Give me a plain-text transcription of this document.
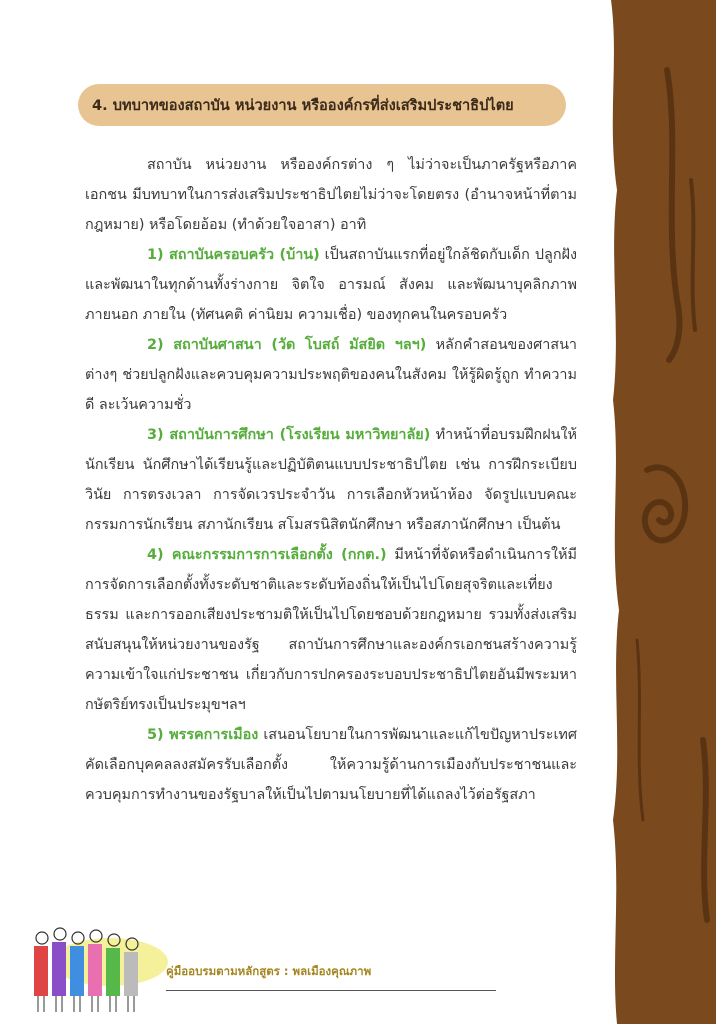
4. บทบาทของสถาบัน หน่วยงาน หรือองค์กรที่ส่งเสริมประชาธิปไตย

สถาบัน หน่วยงาน หรือองค์กรต่าง ๆ ไม่ว่าจะเป็นภาครัฐหรือภาคเอกชน มีบทบาทในการส่งเสริมประชาธิปไตยไม่ว่าจะโดยตรง (อำนาจหน้าที่ตามกฎหมาย) หรือโดยอ้อม (ทำด้วยใจอาสา) อาทิ

1) สถาบันครอบครัว (บ้าน) เป็นสถาบันแรกที่อยู่ใกล้ชิดกับเด็ก ปลูกฝังและพัฒนาในทุกด้านทั้งร่างกาย จิตใจ อารมณ์ สังคม และพัฒนาบุคลิกภาพภายนอก ภายใน (ทัศนคติ ค่านิยม ความเชื่อ) ของทุกคนในครอบครัว

2) สถาบันศาสนา (วัด โบสถ์ มัสยิด ฯลฯ) หลักคำสอนของศาสนาต่างๆ ช่วยปลูกฝังและควบคุมความประพฤติของคนในสังคม ให้รู้ผิดรู้ถูก ทำความดี ละเว้นความชั่ว

3) สถาบันการศึกษา (โรงเรียน มหาวิทยาลัย) ทำหน้าที่อบรมฝึกฝนให้นักเรียน นักศึกษาได้เรียนรู้และปฏิบัติตนแบบประชาธิปไตย เช่น การฝึกระเบียบวินัย การตรงเวลา การจัดเวรประจำวัน การเลือกหัวหน้าห้อง จัดรูปแบบคณะกรรมการนักเรียน สภานักเรียน สโมสรนิสิตนักศึกษา หรือสภานักศึกษา เป็นต้น

4) คณะกรรมการการเลือกตั้ง (กกต.) มีหน้าที่จัดหรือดำเนินการให้มีการจัดการเลือกตั้งทั้งระดับชาติและระดับท้องถิ่นให้เป็นไปโดยสุจริตและเที่ยงธรรม และการออกเสียงประชามติให้เป็นไปโดยชอบด้วยกฎหมาย รวมทั้งส่งเสริม สนับสนุนให้หน่วยงานของรัฐ สถาบันการศึกษาและองค์กรเอกชนสร้างความรู้ความเข้าใจแก่ประชาชน เกี่ยวกับการปกครองระบอบประชาธิปไตยอันมีพระมหากษัตริย์ทรงเป็นประมุขฯลฯ

5) พรรคการเมือง เสนอนโยบายในการพัฒนาและแก้ไขปัญหาประเทศ คัดเลือกบุคคลลงสมัครรับเลือกตั้ง ให้ความรู้ด้านการเมืองกับประชาชนและควบคุมการทำงานของรัฐบาลให้เป็นไปตามนโยบายที่ได้แถลงไว้ต่อรัฐสภา

คู่มืออบรมตามหลักสูตร : พลเมืองคุณภาพ
